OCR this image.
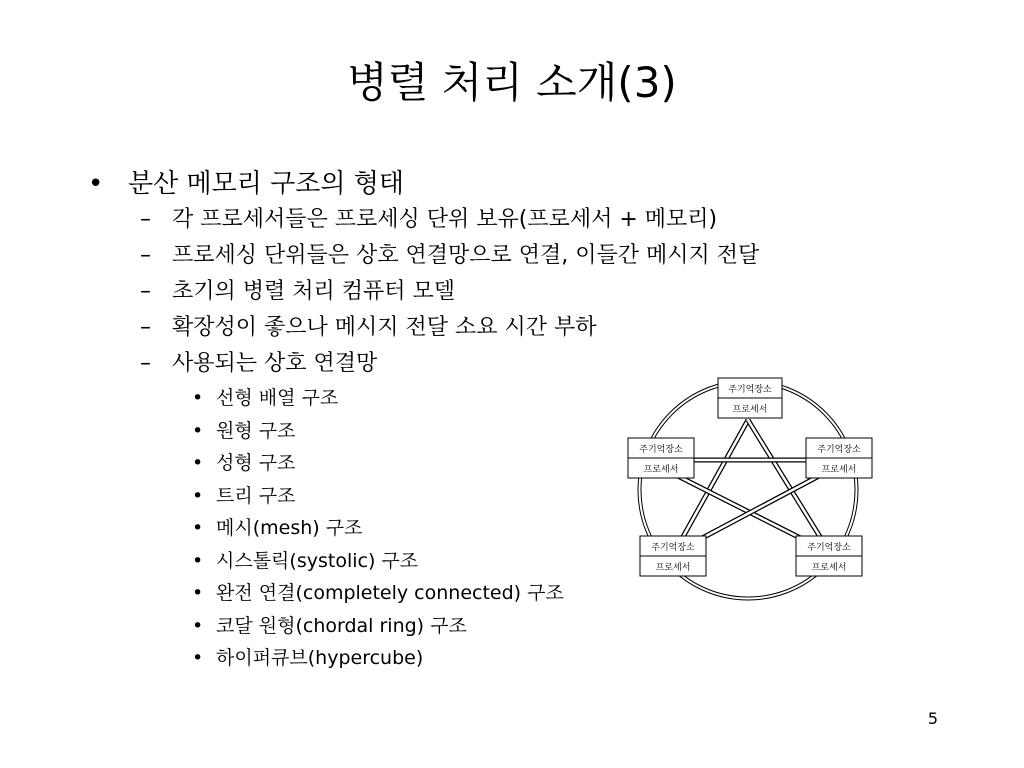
병렬 처리 소개(3)
• 분산 메모리 구조의 형태
– 각 프로세서들은 프로세싱 단위 보유(프로세서 + 메모리)
– 프로세싱 단위들은 상호 연결망으로 연결, 이들간 메시지 전달
– 초기의 병렬 처리 컴퓨터 모델
– 확장성이 좋으나 메시지 전달 소요 시간 부하
– 사용되는 상호 연결망
• 선형 배열 구조
• 원형 구조
• 성형 구조
• 트리 구조
• 메시(mesh) 구조
• 시스톨릭(systolic) 구조
• 완전 연결(completely connected) 구조
• 코달 원형(chordal ring) 구조
• 하이퍼큐브(hypercube)
주기억장소
프로세서
주기억장소
프로세서
주기억장소
프로세서
주기억장소
프로세서
주기억장소
프로세서
5
